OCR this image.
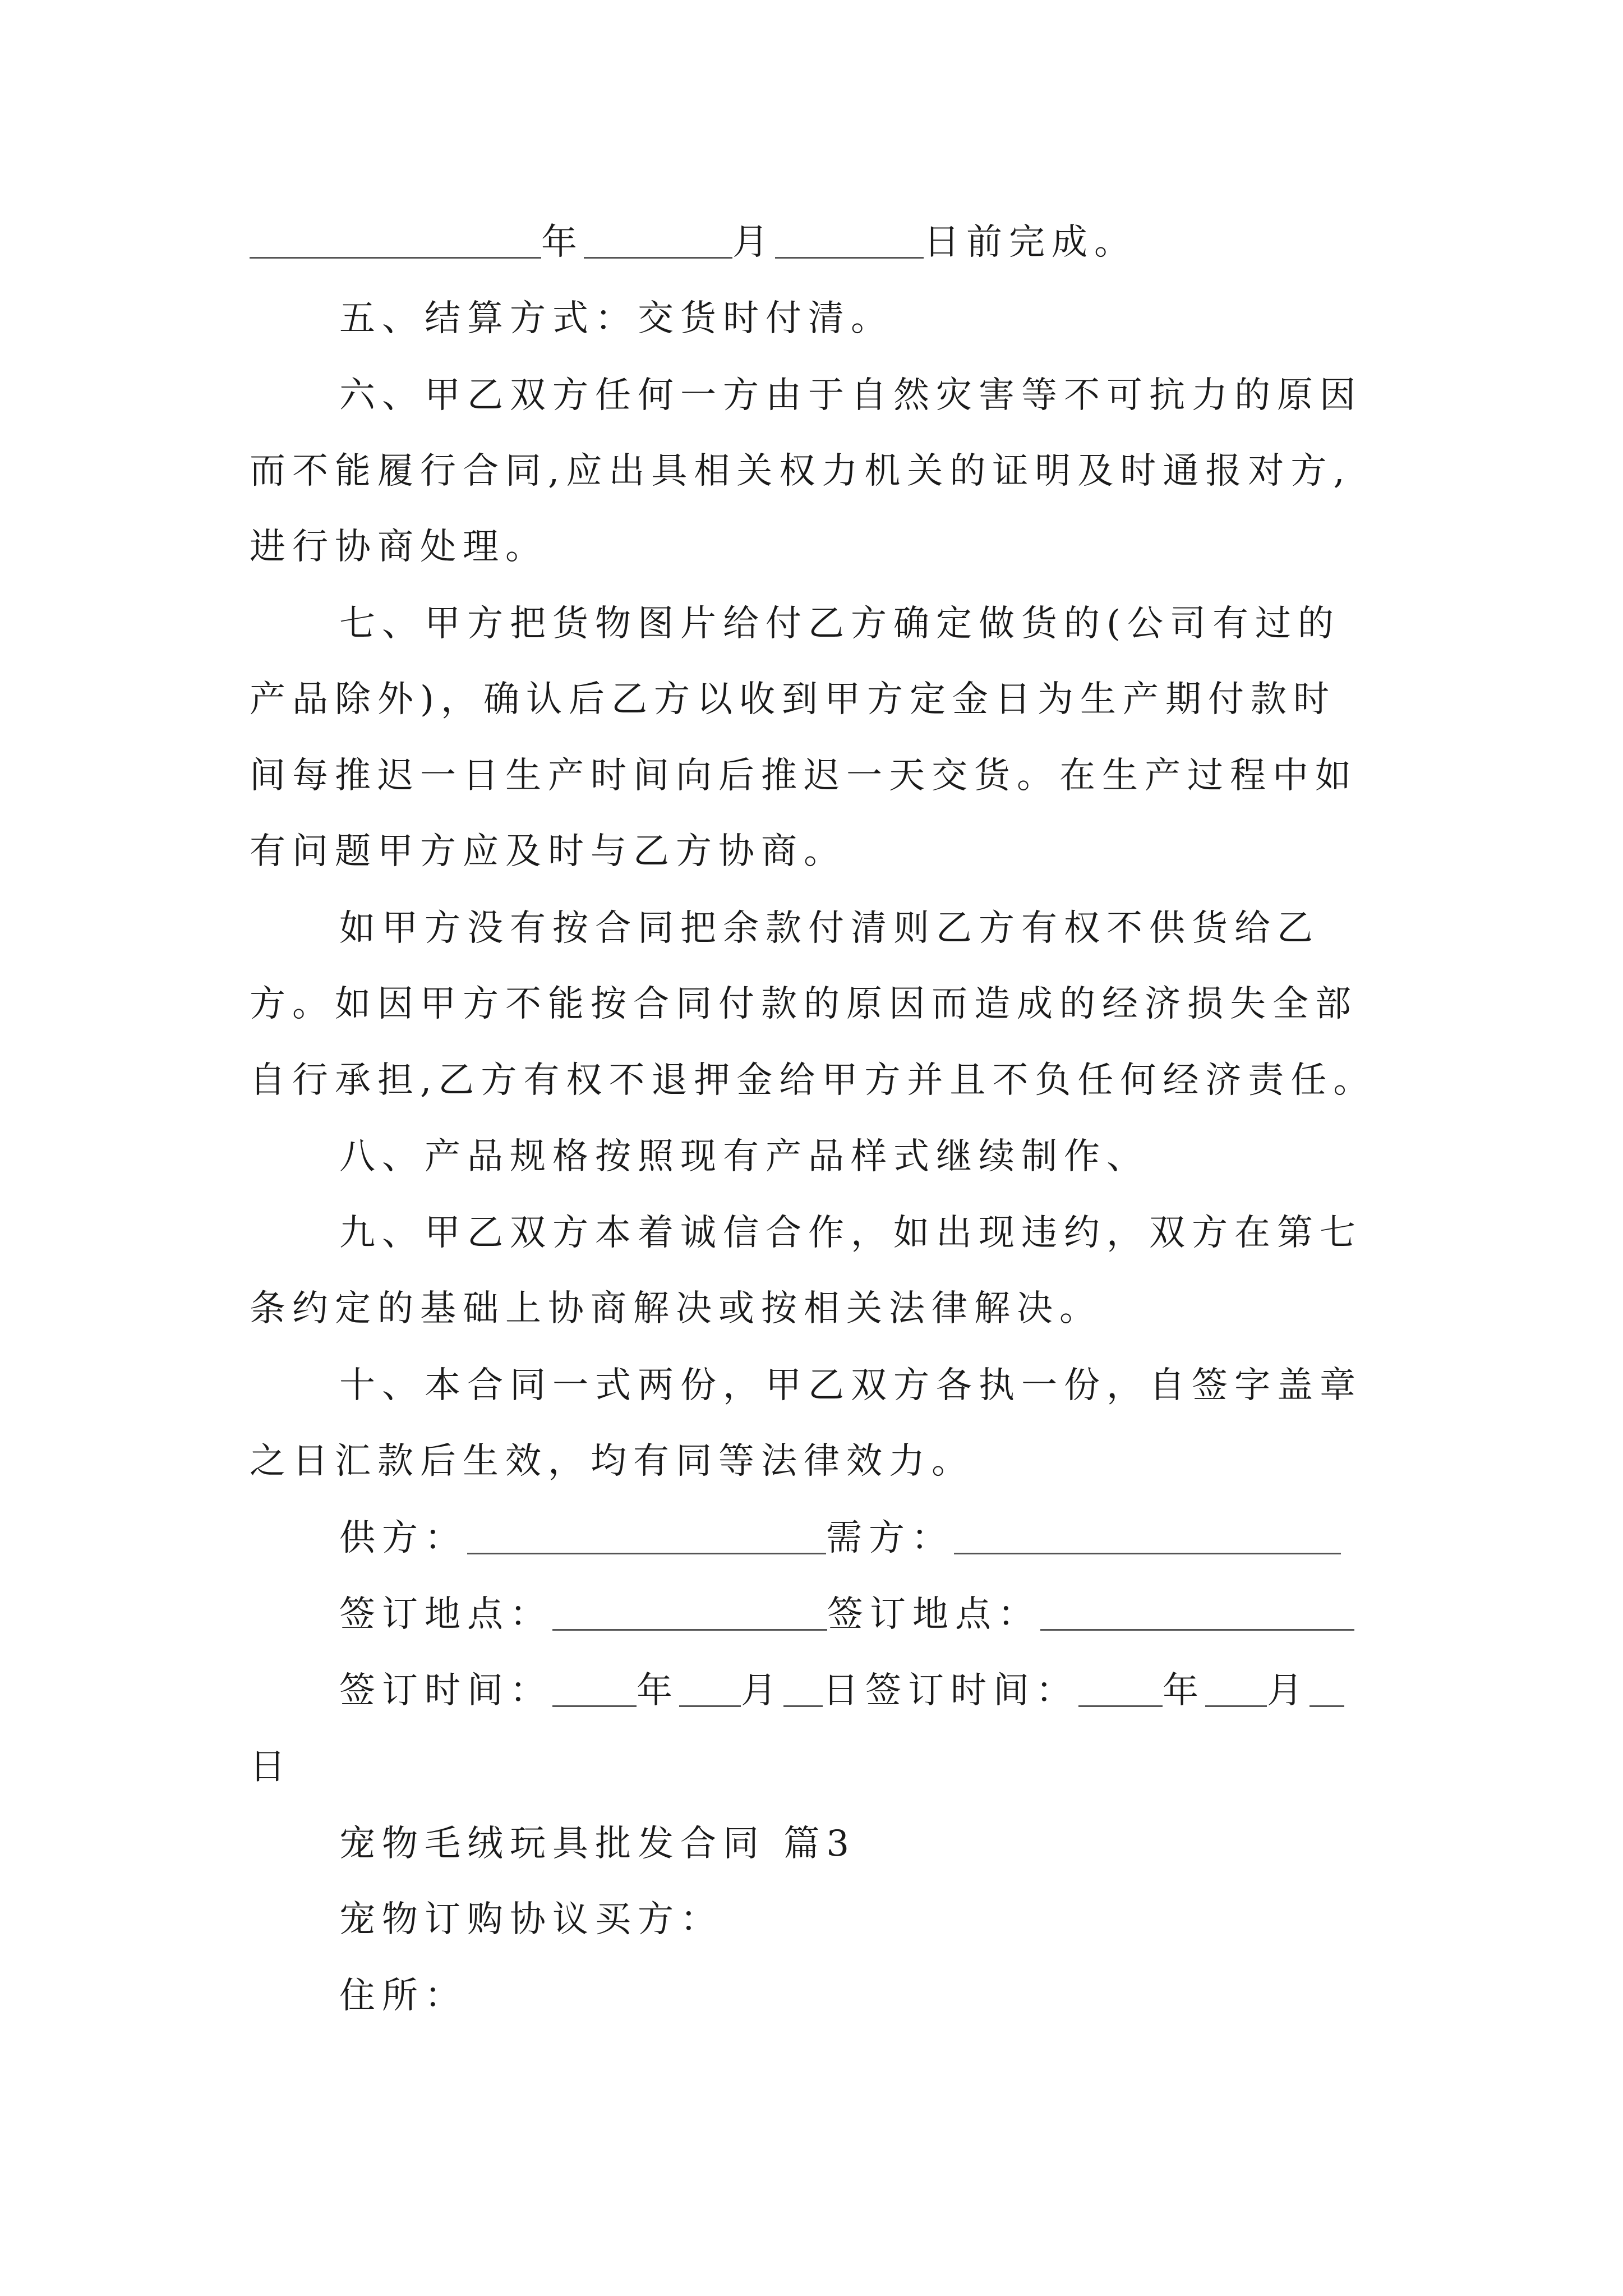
年	月	日前完成。
五、结算方式：交货时付清。
六、甲乙双方任何一方由于自然灾害等不可抗力的原因
而不能履行合同,应出具相关权力机关的证明及时通报对方,
进行协商处理。
七、甲方把货物图片给付乙方确定做货的(公司有过的
产品除外)，确认后乙方以收到甲方定金日为生产期付款时
间每推迟一日生产时间向后推迟一天交货。在生产过程中如
有问题甲方应及时与乙方协商。
如甲方没有按合同把余款付清则乙方有权不供货给乙
方。如因甲方不能按合同付款的原因而造成的经济损失全部
自行承担,乙方有权不退押金给甲方并且不负任何经济责任。
八、产品规格按照现有产品样式继续制作、
九、甲乙双方本着诚信合作，如出现违约，双方在第七
条约定的基础上协商解决或按相关法律解决。
十、本合同一式两份，甲乙双方各执一份，自签字盖章
之日汇款后生效，均有同等法律效力。
供方：	需方：
签订地点：	签订地点：
签订时间： 年 月 日签订时间： 年 月
日
宠物毛绒玩具批发合同 篇3
宠物订购协议买方：
住所：
